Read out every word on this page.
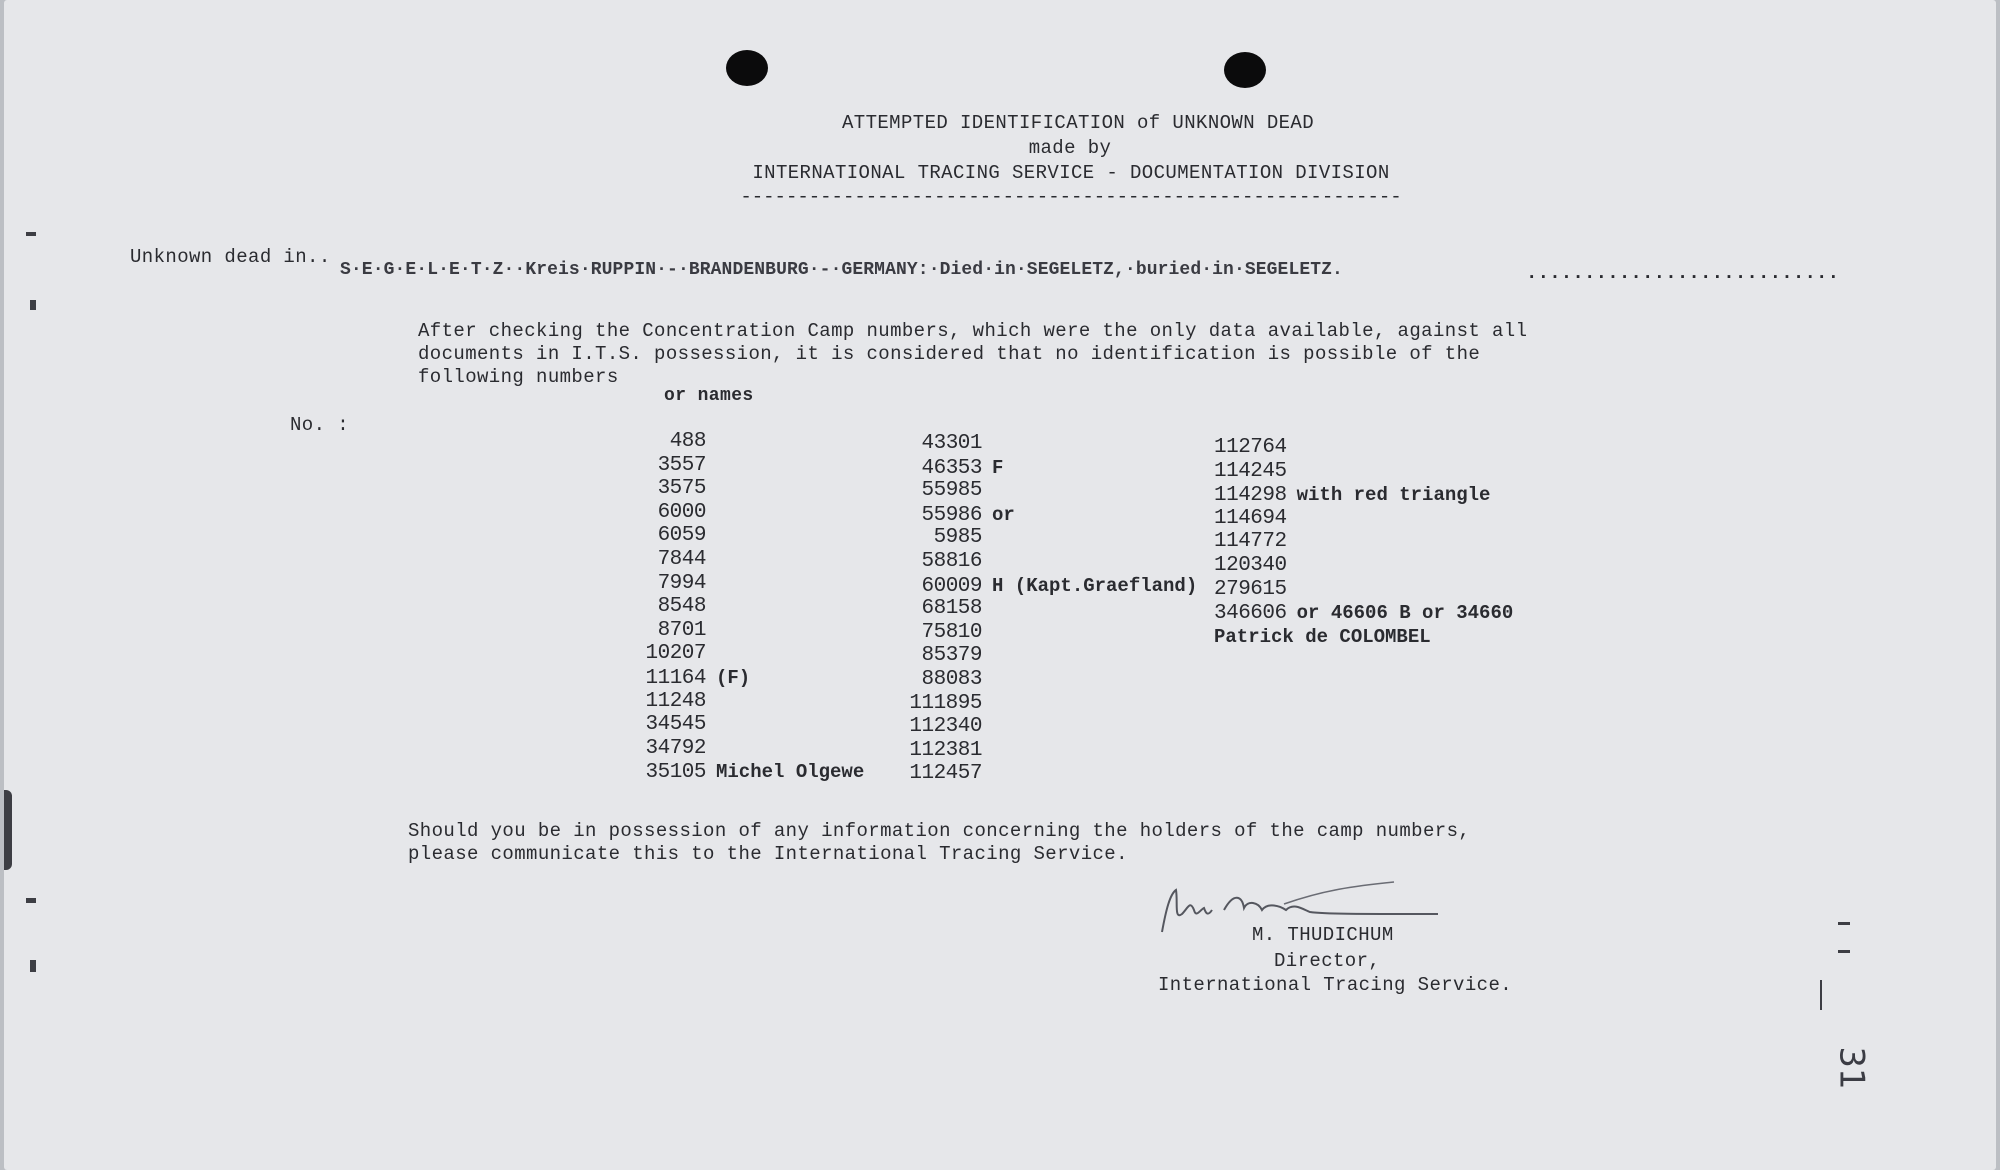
ATTEMPTED IDENTIFICATION of UNKNOWN DEAD
made by
INTERNATIONAL TRACING SERVICE - DOCUMENTATION DIVISION
----------------------------------------------------------
Unknown dead in..
S·E·G·E·L·E·T·Z··Kreis·RUPPIN·-·BRANDENBURG·-·GERMANY:·Died·in·SEGELETZ,·buried·in·SEGELETZ.	...........................
After checking the Concentration Camp numbers, which were the only data available, against all
documents in I.T.S. possession, it is considered that no identification is possible of the
following numbers
or names
No. :
488
3557
3575
6000
6059
7844
7994
8548
8701
10207
11164 (F)
11248
34545
34792
35105 Michel Olgewe
43301
46353 F
55985
55986 or
5985
58816
60009 H (Kapt.Graefland)
68158
75810
85379
88083
111895
112340
112381
112457
112764
114245
114298 with red triangle
114694
114772
120340
279615
346606 or 46606 B or 34660
Patrick de COLOMBEL
Should you be in possession of any information concerning the holders of the camp numbers,
please communicate this to the International Tracing Service.
M. THUDICHUM
Director,
International Tracing Service.
31
